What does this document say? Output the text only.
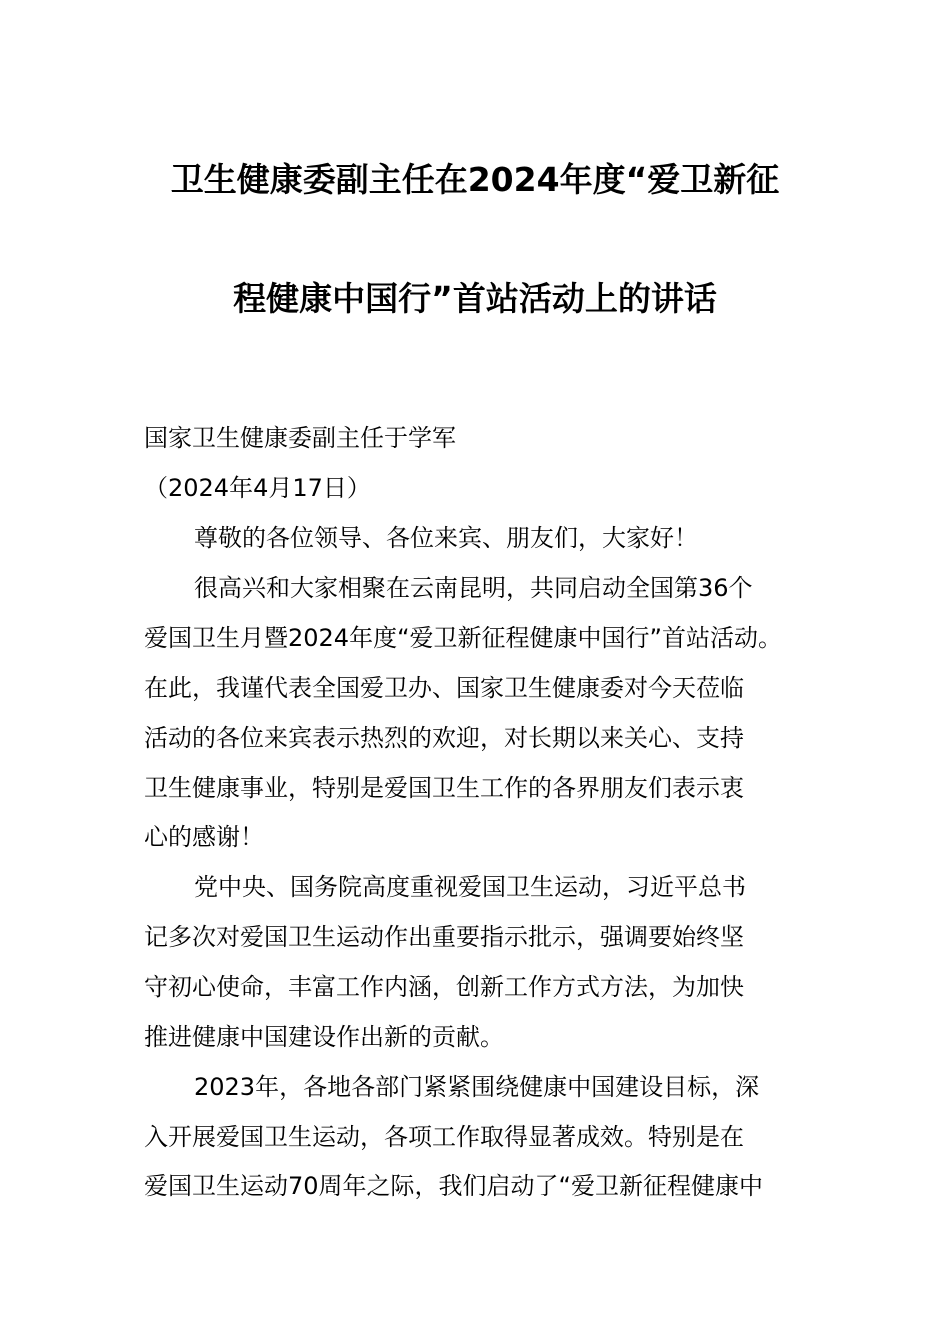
卫生健康委副主任在2024年度“爱卫新征
程健康中国行”首站活动上的讲话

国家卫生健康委副主任于学军

（2024年4月17日）

尊敬的各位领导、各位来宾、朋友们，大家好！

很高兴和大家相聚在云南昆明，共同启动全国第36个

爱国卫生月暨2024年度“爱卫新征程健康中国行”首站活动。

在此，我谨代表全国爱卫办、国家卫生健康委对今天莅临

活动的各位来宾表示热烈的欢迎，对长期以来关心、支持

卫生健康事业，特别是爱国卫生工作的各界朋友们表示衷

心的感谢！

党中央、国务院高度重视爱国卫生运动，习近平总书

记多次对爱国卫生运动作出重要指示批示，强调要始终坚

守初心使命，丰富工作内涵，创新工作方式方法，为加快

推进健康中国建设作出新的贡献。

2023年，各地各部门紧紧围绕健康中国建设目标，深

入开展爱国卫生运动，各项工作取得显著成效。特别是在

爱国卫生运动70周年之际，我们启动了“爱卫新征程健康中
